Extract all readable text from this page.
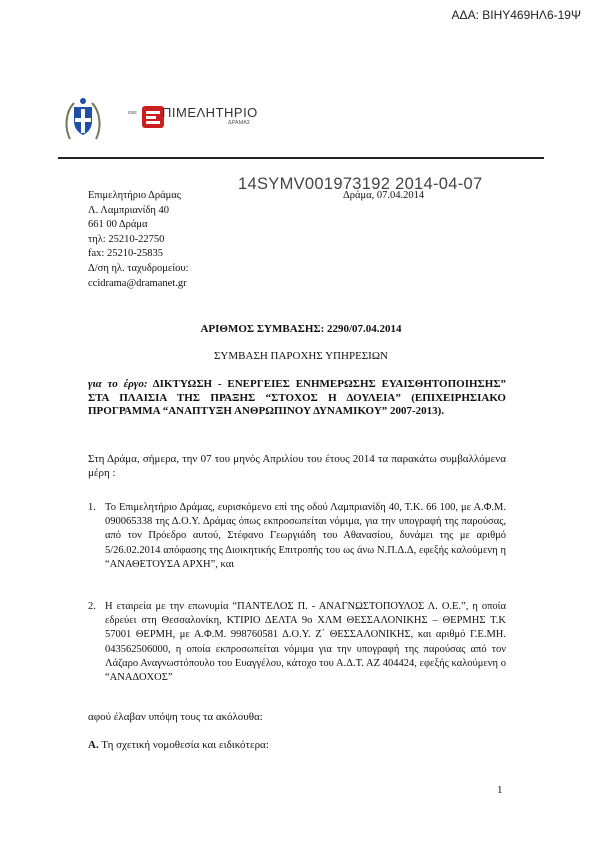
ΑΔΑ: ΒΙΗΥ469ΗΛ6-19Ψ
ΕΒΕ ΠΙΜΕΛΗΤΗΡΙΟ
ΔΡΑΜΑΣ
Επιμελητήριο Δράμας
Λ. Λαμπριανίδη 40
661 00 Δράμα
τηλ: 25210-22750
fax: 25210-25835
Δ/ση ηλ. ταχυδρομείου:
ccidrama@dramanet.gr
Δράμα, 07.04.2014
14SYMV001973192 2014-04-07
ΑΡΙΘΜΟΣ ΣΥΜΒΑΣΗΣ: 2290/07.04.2014
ΣΥΜΒΑΣΗ ΠΑΡΟΧΗΣ ΥΠΗΡΕΣΙΩΝ
για το έργο: ΔΙΚΤΥΩΣΗ - ΕΝΕΡΓΕΙΕΣ ΕΝΗΜΕΡΩΣΗΣ ΕΥΑΙΣΘΗΤΟΠΟΙΗΣΗΣ” ΣΤΑ ΠΛΑΙΣΙΑ ΤΗΣ ΠΡΑΞΗΣ “ΣΤΟΧΟΣ Η ΔΟΥΛΕΙΑ” (ΕΠΙΧΕΙΡΗΣΙΑΚΟ ΠΡΟΓΡΑΜΜΑ “ΑΝΑΠΤΥΞΗ ΑΝΘΡΩΠΙΝΟΥ ΔΥΝΑΜΙΚΟΥ” 2007-2013).
Στη Δράμα, σήμερα, την 07 του μηνός Απριλίου του έτους 2014 τα παρακάτω συμβαλλόμενα μέρη :
1. Το Επιμελητήριο Δράμας, ευρισκόμενο επί της οδού Λαμπριανίδη 40, Τ.Κ. 66 100, με Α.Φ.Μ. 090065338 της Δ.Ο.Υ. Δράμας όπως εκπροσωπείται νόμιμα, για την υπογραφή της παρούσας, από τον Πρόεδρο αυτού, Στέφανο Γεωργιάδη του Αθανασίου, δυνάμει της με αριθμό 5/26.02.2014 απόφασης της Διοικητικής Επιτροπής του ως άνω Ν.Π.Δ.Δ, εφεξής καλούμενη η “ΑΝΑΘΕΤΟΥΣΑ ΑΡΧΗ”, και
2. Η εταιρεία με την επωνυμία “ΠΑΝΤΕΛΟΣ Π. - ΑΝΑΓΝΩΣΤΟΠΟΥΛΟΣ Λ. Ο.Ε.”, η οποία εδρεύει στη Θεσσαλονίκη, ΚΤΙΡΙΟ ΔΕΛΤΑ 9ο ΧΛΜ ΘΕΣΣΑΛΟΝΙΚΗΣ – ΘΕΡΜΗΣ Τ.Κ 57001 ΘΕΡΜΗ, με Α.Φ.Μ. 998760581 Δ.Ο.Υ. Ζ΄ ΘΕΣΣΑΛΟΝΙΚΗΣ, και αριθμό Γ.Ε.ΜΗ. 043562506000, η οποία εκπροσωπείται νόμιμα για την υπογραφή της παρούσας από τον Λάζαρο Αναγνωστόπουλο του Ευαγγέλου, κάτοχο του Α.Δ.Τ. ΑΖ 404424, εφεξής καλούμενη ο “ΑΝΑΔΟΧΟΣ”
αφού έλαβαν υπόψη τους τα ακόλουθα:
Α. Τη σχετική νομοθεσία και ειδικότερα:
1
